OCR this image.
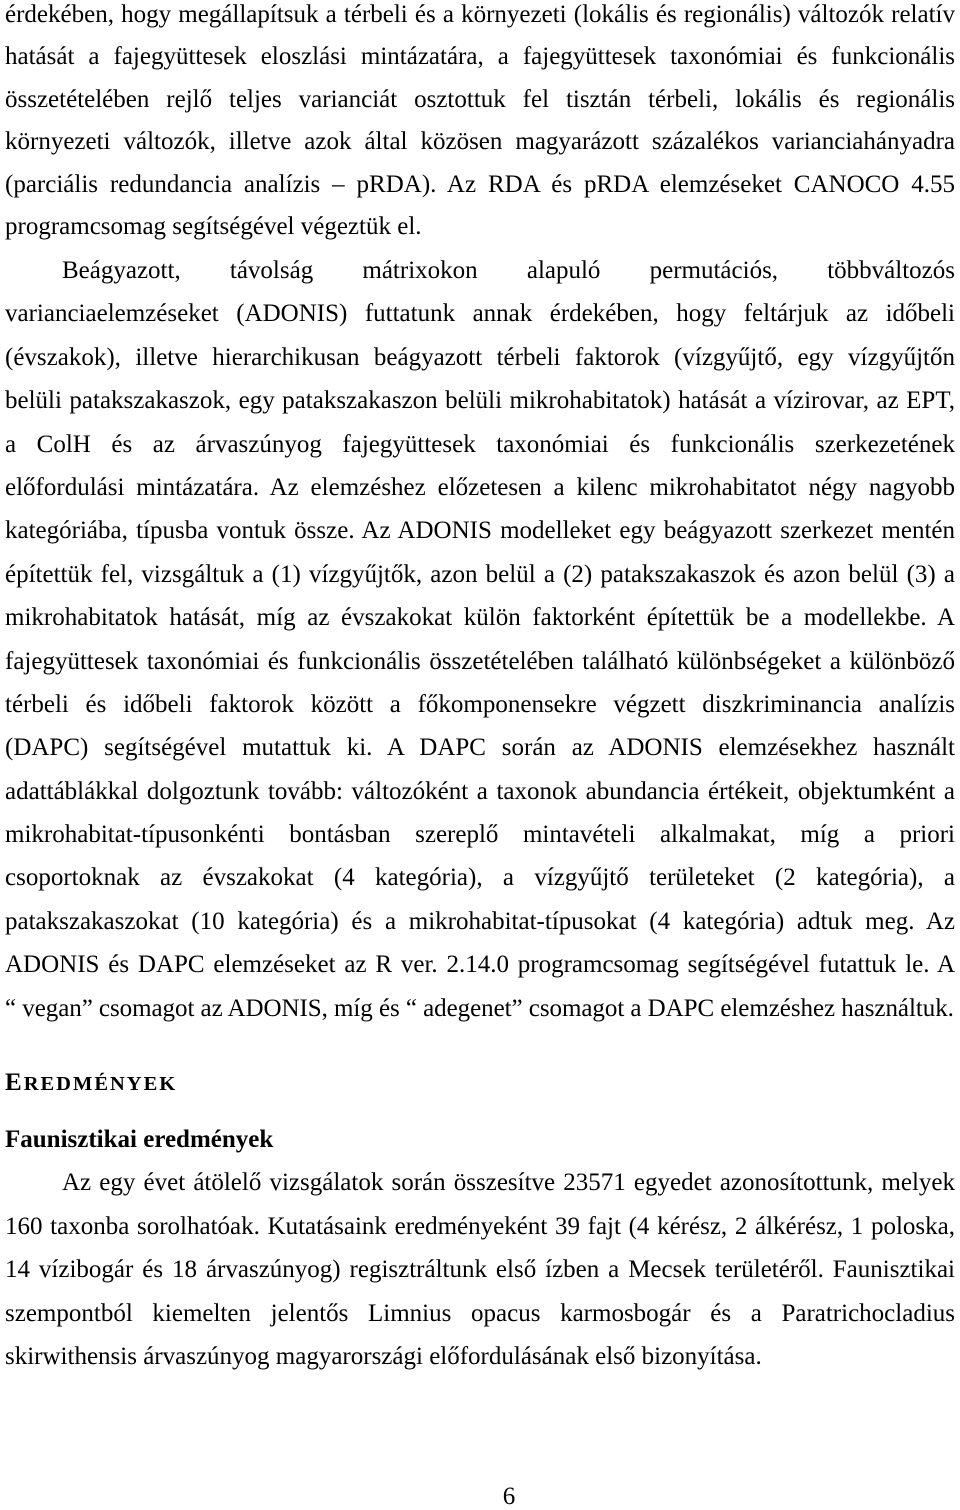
érdekében, hogy megállapítsuk a térbeli és a környezeti (lokális és regionális) változók relatív
hatását a fajegyüttesek eloszlási mintázatára, a fajegyüttesek taxonómiai és funkcionális
összetételében rejlő teljes varianciát osztottuk fel tisztán térbeli, lokális és regionális
környezeti változók, illetve azok által közösen magyarázott százalékos varianciahányadra
(parciális redundancia analízis – pRDA). Az RDA és pRDA elemzéseket CANOCO 4.55
programcsomag segítségével végeztük el.
Beágyazott, távolság mátrixokon alapuló permutációs, többváltozós
varianciaelemzéseket (ADONIS) futtatunk annak érdekében, hogy feltárjuk az időbeli
(évszakok), illetve hierarchikusan beágyazott térbeli faktorok (vízgyűjtő, egy vízgyűjtőn
belüli patakszakaszok, egy patakszakaszon belüli mikrohabitatok) hatását a vízirovar, az EPT,
a ColH és az árvaszúnyog fajegyüttesek taxonómiai és funkcionális szerkezetének
előfordulási mintázatára. Az elemzéshez előzetesen a kilenc mikrohabitatot négy nagyobb
kategóriába, típusba vontuk össze. Az ADONIS modelleket egy beágyazott szerkezet mentén
építettük fel, vizsgáltuk a (1) vízgyűjtők, azon belül a (2) patakszakaszok és azon belül (3) a
mikrohabitatok hatását, míg az évszakokat külön faktorként építettük be a modellekbe. A
fajegyüttesek taxonómiai és funkcionális összetételében található különbségeket a különböző
térbeli és időbeli faktorok között a főkomponensekre végzett diszkriminancia analízis
(DAPC) segítségével mutattuk ki. A DAPC során az ADONIS elemzésekhez használt
adattáblákkal dolgoztunk tovább: változóként a taxonok abundancia értékeit, objektumként a
mikrohabitat-típusonkénti bontásban szereplő mintavételi alkalmakat, míg a priori
csoportoknak az évszakokat (4 kategória), a vízgyűjtő területeket (2 kategória), a
patakszakaszokat (10 kategória) és a mikrohabitat-típusokat (4 kategória) adtuk meg. Az
ADONIS és DAPC elemzéseket az R ver. 2.14.0 programcsomag segítségével futattuk le. A
“ vegan” csomagot az ADONIS, míg és “ adegenet” csomagot a DAPC elemzéshez használtuk.
EREDMÉNYEK
Faunisztikai eredmények
Az egy évet átölelő vizsgálatok során összesítve 23571 egyedet azonosítottunk, melyek
160 taxonba sorolhatóak. Kutatásaink eredményeként 39 fajt (4 kérész, 2 álkérész, 1 poloska,
14 vízibogár és 18 árvaszúnyog) regisztráltunk első ízben a Mecsek területéről. Faunisztikai
szempontból kiemelten jelentős Limnius opacus karmosbogár és a Paratrichocladius
skirwithensis árvaszúnyog magyarországi előfordulásának első bizonyítása.
6
